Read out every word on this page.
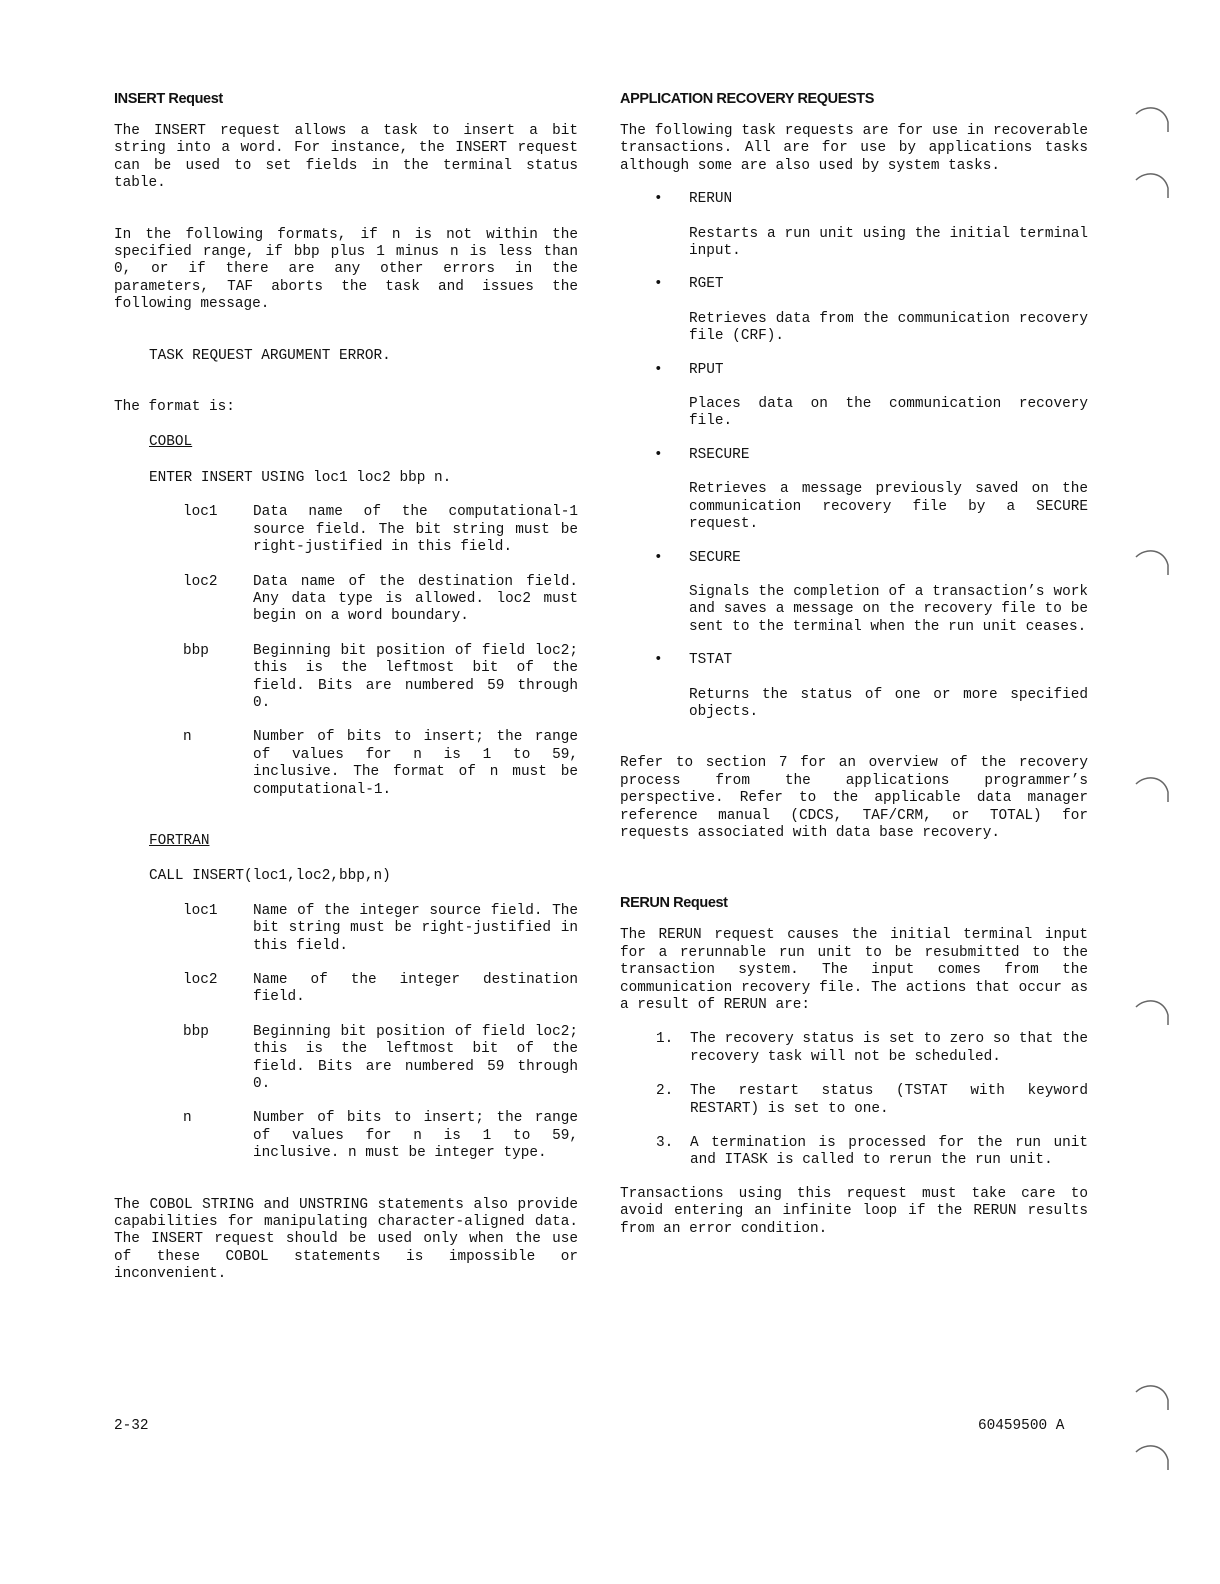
INSERT Request

The INSERT request allows a task to insert a bit string into a word. For instance, the INSERT request can be used to set fields in the terminal status table.

In the following formats, if n is not within the specified range, if bbp plus 1 minus n is less than 0, or if there are any other errors in the parameters, TAF aborts the task and issues the following message.

TASK REQUEST ARGUMENT ERROR.

The format is:

COBOL

ENTER INSERT USING loc1 loc2 bbp n.

loc1	Data name of the computational-1 source field. The bit string must be right-justified in this field.
loc2	Data name of the destination field. Any data type is allowed. loc2 must begin on a word boundary.
bbp	Beginning bit position of field loc2; this is the leftmost bit of the field. Bits are numbered 59 through 0.
n	Number of bits to insert; the range of values for n is 1 to 59, inclusive. The format of n must be computational-1.

FORTRAN

CALL INSERT(loc1,loc2,bbp,n)

loc1	Name of the integer source field. The bit string must be right-justified in this field.
loc2	Name of the integer destination field.
bbp	Beginning bit position of field loc2; this is the leftmost bit of the field. Bits are numbered 59 through 0.
n	Number of bits to insert; the range of values for n is 1 to 59, inclusive. n must be integer type.

The COBOL STRING and UNSTRING statements also provide capabilities for manipulating character-aligned data. The INSERT request should be used only when the use of these COBOL statements is impossible or inconvenient.

APPLICATION RECOVERY REQUESTS

The following task requests are for use in recoverable transactions. All are for use by applications tasks although some are also used by system tasks.

•	RERUN
Restarts a run unit using the initial terminal input.
•	RGET
Retrieves data from the communication recovery file (CRF).
•	RPUT
Places data on the communication recovery file.
•	RSECURE
Retrieves a message previously saved on the communication recovery file by a SECURE request.
•	SECURE
Signals the completion of a transaction’s work and saves a message on the recovery file to be sent to the terminal when the run unit ceases.
•	TSTAT
Returns the status of one or more specified objects.

Refer to section 7 for an overview of the recovery process from the applications programmer’s perspective. Refer to the applicable data manager reference manual (CDCS, TAF/CRM, or TOTAL) for requests associated with data base recovery.

RERUN Request

The RERUN request causes the initial terminal input for a rerunnable run unit to be resubmitted to the transaction system. The input comes from the communication recovery file. The actions that occur as a result of RERUN are:

1.	The recovery status is set to zero so that the recovery task will not be scheduled.
2.	The restart status (TSTAT with keyword RESTART) is set to one.
3.	A termination is processed for the run unit and ITASK is called to rerun the run unit.

Transactions using this request must take care to avoid entering an infinite loop if the RERUN results from an error condition.

2-32	60459500 A
